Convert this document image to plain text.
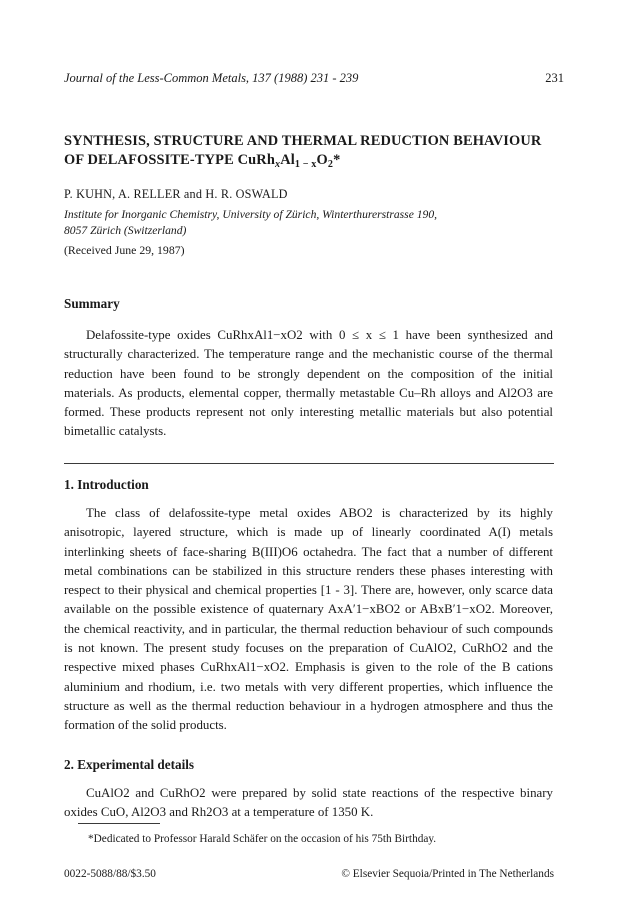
Journal of the Less-Common Metals, 137 (1988) 231 - 239	231
SYNTHESIS, STRUCTURE AND THERMAL REDUCTION BEHAVIOUR
OF DELAFOSSITE-TYPE $CuRh_xAl_{1 - x}O_2*$
P. KUHN, A. RELLER and H. R. OSWALD
Institute for Inorganic Chemistry, University of Zürich, Winterthurerstrasse 190,
8057 Zürich (Switzerland)
(Received June 29, 1987)
Summary

Delafossite-type oxides CuRhxAl1−xO2 with 0 ≤ x ≤ 1 have been synthesized and structurally characterized. The temperature range and the mechanistic course of the thermal reduction have been found to be strongly dependent on the composition of the initial materials. As products, elemental copper, thermally metastable Cu–Rh alloys and Al2O3 are formed. These products represent not only interesting metallic materials but also potential bimetallic catalysts.

1. Introduction

The class of delafossite-type metal oxides ABO2 is characterized by its highly anisotropic, layered structure, which is made up of linearly coordinated A(I) metals interlinking sheets of face-sharing B(III)O6 octahedra. The fact that a number of different metal combinations can be stabilized in this structure renders these phases interesting with respect to their physical and chemical properties [1 - 3]. There are, however, only scarce data available on the possible existence of quaternary AxA′1−xBO2 or ABxB′1−xO2. Moreover, the chemical reactivity, and in particular, the thermal reduction behaviour of such compounds is not known. The present study focuses on the preparation of CuAlO2, CuRhO2 and the respective mixed phases CuRhxAl1−xO2. Emphasis is given to the role of the B cations aluminium and rhodium, i.e. two metals with very different properties, which influence the structure as well as the thermal reduction behaviour in a hydrogen atmosphere and thus the formation of the solid products.

2. Experimental details

CuAlO2 and CuRhO2 were prepared by solid state reactions of the respective binary oxides CuO, Al2O3 and Rh2O3 at a temperature of 1350 K.

*Dedicated to Professor Harald Schäfer on the occasion of his 75th Birthday.
0022-5088/88/$3.50	© Elsevier Sequoia/Printed in The Netherlands
